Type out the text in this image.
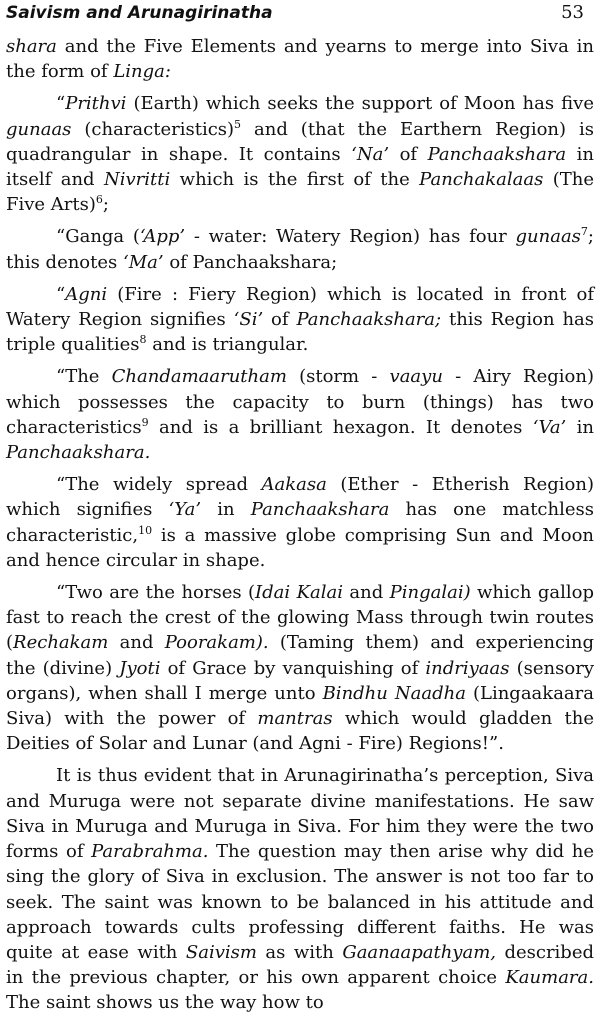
Saivism and Arunagirinatha	53

shara and the Five Elements and yearns to merge into Siva in the form of Linga:

“Prithvi (Earth) which seeks the support of Moon has five gunaas (characteristics)$^5$ and (that the Earthern Region) is quadrangular in shape. It contains ‘Na’ of Panchaakshara in itself and Nivritti which is the first of the Panchakalaas (The Five Arts)$^6$;

“Ganga (‘App’ - water: Watery Region) has four gunaas$^7$; this denotes ‘Ma’ of Panchaakshara;

“Agni (Fire : Fiery Region) which is located in front of Watery Region signifies ‘Si’ of Panchaakshara; this Region has triple qualities$^8$ and is triangular.

“The Chandamaarutham (storm - vaayu - Airy Region) which possesses the capacity to burn (things) has two characteristics$^9$ and is a brilliant hexagon. It denotes ‘Va’ in Panchaakshara.

“The widely spread Aakasa (Ether - Etherish Region) which signifies ‘Ya’ in Panchaakshara has one matchless characteristic,$^{10}$ is a massive globe comprising Sun and Moon and hence circular in shape.

“Two are the horses (Idai Kalai and Pingalai) which gallop fast to reach the crest of the glowing Mass through twin routes (Rechakam and Poorakam). (Taming them) and experiencing the (divine) Jyoti of Grace by vanquishing of indriyaas (sensory organs), when shall I merge unto Bindhu Naadha (Lingaakaara Siva) with the power of mantras which would gladden the Deities of Solar and Lunar (and Agni - Fire) Regions!”.

It is thus evident that in Arunagirinatha’s perception, Siva and Muruga were not separate divine manifestations. He saw Siva in Muruga and Muruga in Siva. For him they were the two forms of Parabrahma. The question may then arise why did he sing the glory of Siva in exclusion. The answer is not too far to seek. The saint was known to be balanced in his attitude and approach towards cults professing different faiths. He was quite at ease with Saivism as with Gaanaapathyam, described in the previous chapter, or his own apparent choice Kaumara. The saint shows us the way how to
